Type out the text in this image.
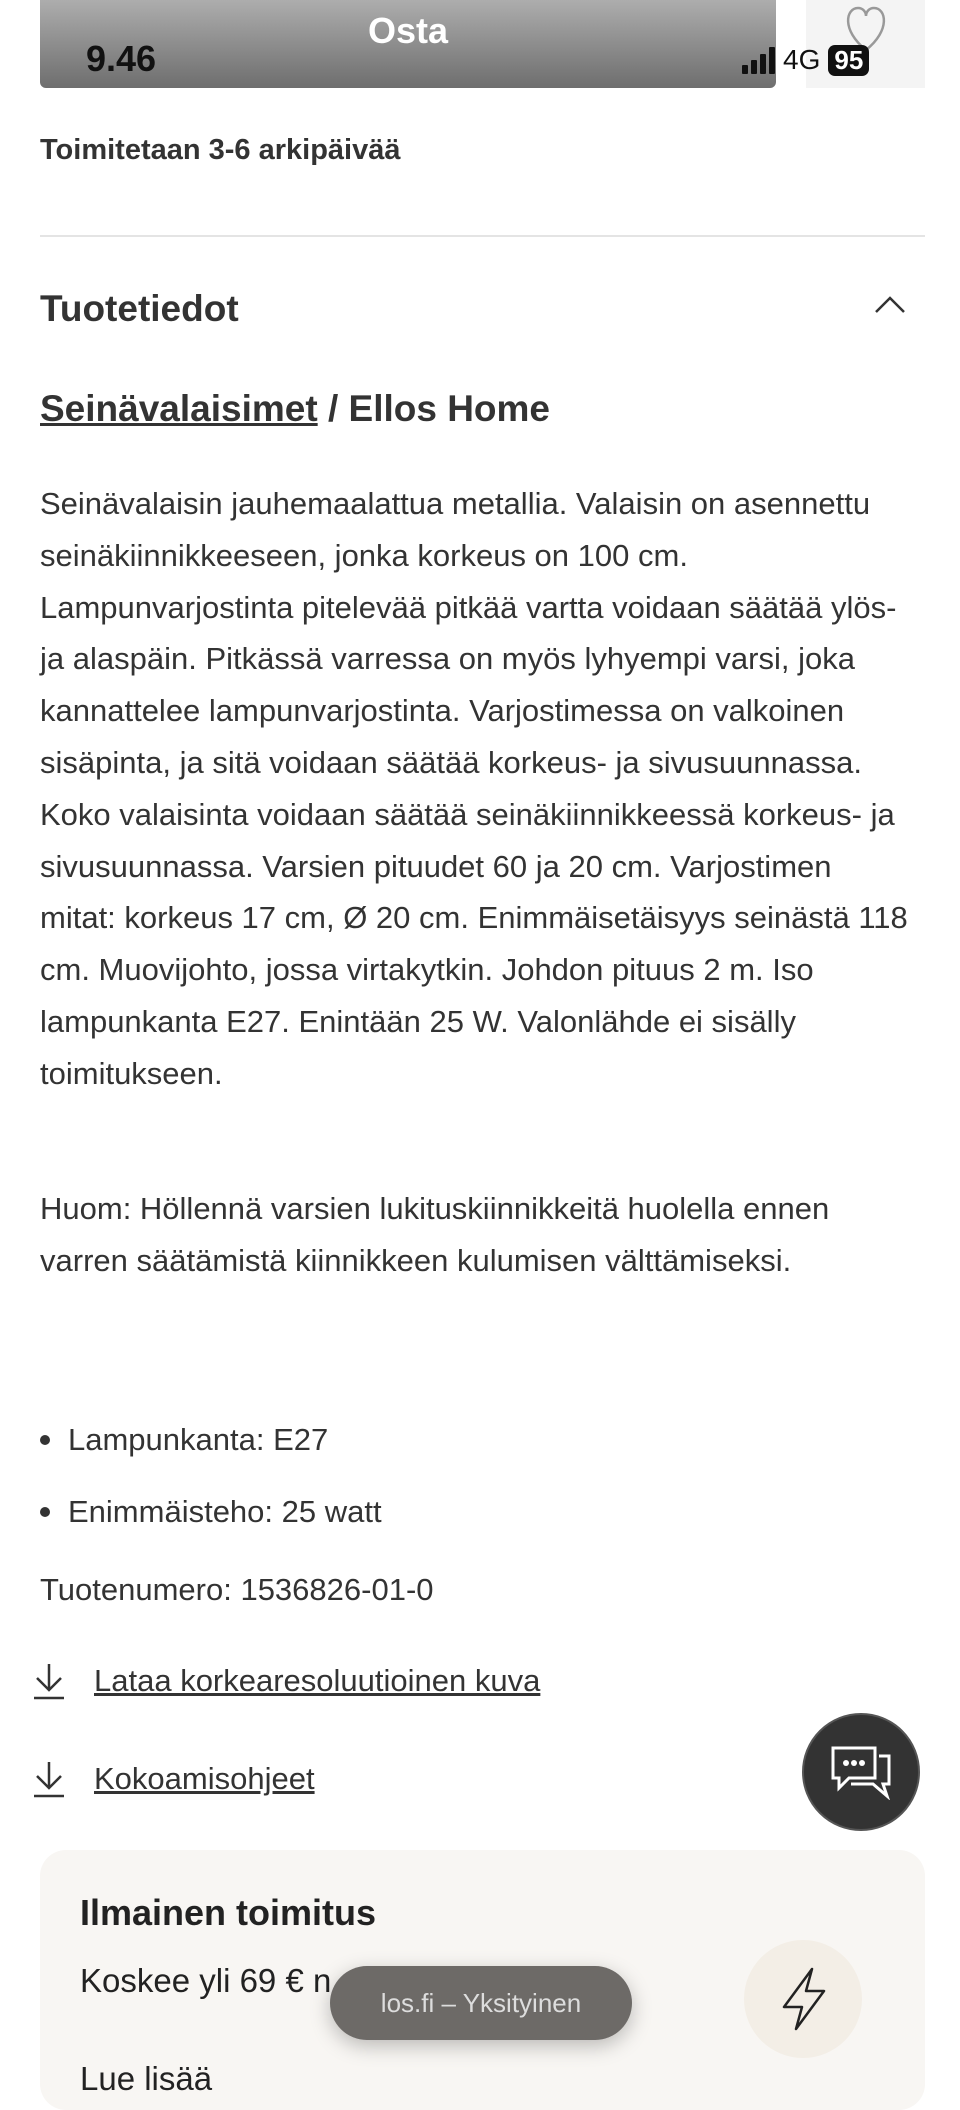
Osta
9.46	4G 95
Toimitetaan 3-6 arkipäivää
Tuotetiedot
Seinävalaisimet / Ellos Home
Seinävalaisin jauhemaalattua metallia. Valaisin on asennettu seinäkiinnikkeeseen, jonka korkeus on 100 cm. Lampunvarjostinta pitelevää pitkää vartta voidaan säätää ylös- ja alaspäin. Pitkässä varressa on myös lyhyempi varsi, joka kannattelee lampunvarjostinta. Varjostimessa on valkoinen sisäpinta, ja sitä voidaan säätää korkeus- ja sivusuunnassa. Koko valaisinta voidaan säätää seinäkiinnikkeessä korkeus- ja sivusuunnassa. Varsien pituudet 60 ja 20 cm. Varjostimen mitat: korkeus 17 cm, Ø 20 cm. Enimmäisetäisyys seinästä 118 cm. Muovijohto, jossa virtakytkin. Johdon pituus 2 m. Iso lampunkanta E27. Enintään 25 W. Valonlähde ei sisälly toimitukseen.
Huom: Höllennä varsien lukituskiinnikkeitä huolella ennen varren säätämistä kiinnikkeen kulumisen välttämiseksi.
Lampunkanta: E27
Enimmäisteho: 25 watt
Tuotenumero: 1536826-01-0
Lataa korkearesoluutioinen kuva
Kokoamisohjeet
Ilmainen toimitus
Koskee yli 69 € n
Lue lisää
los.fi – Yksityinen
